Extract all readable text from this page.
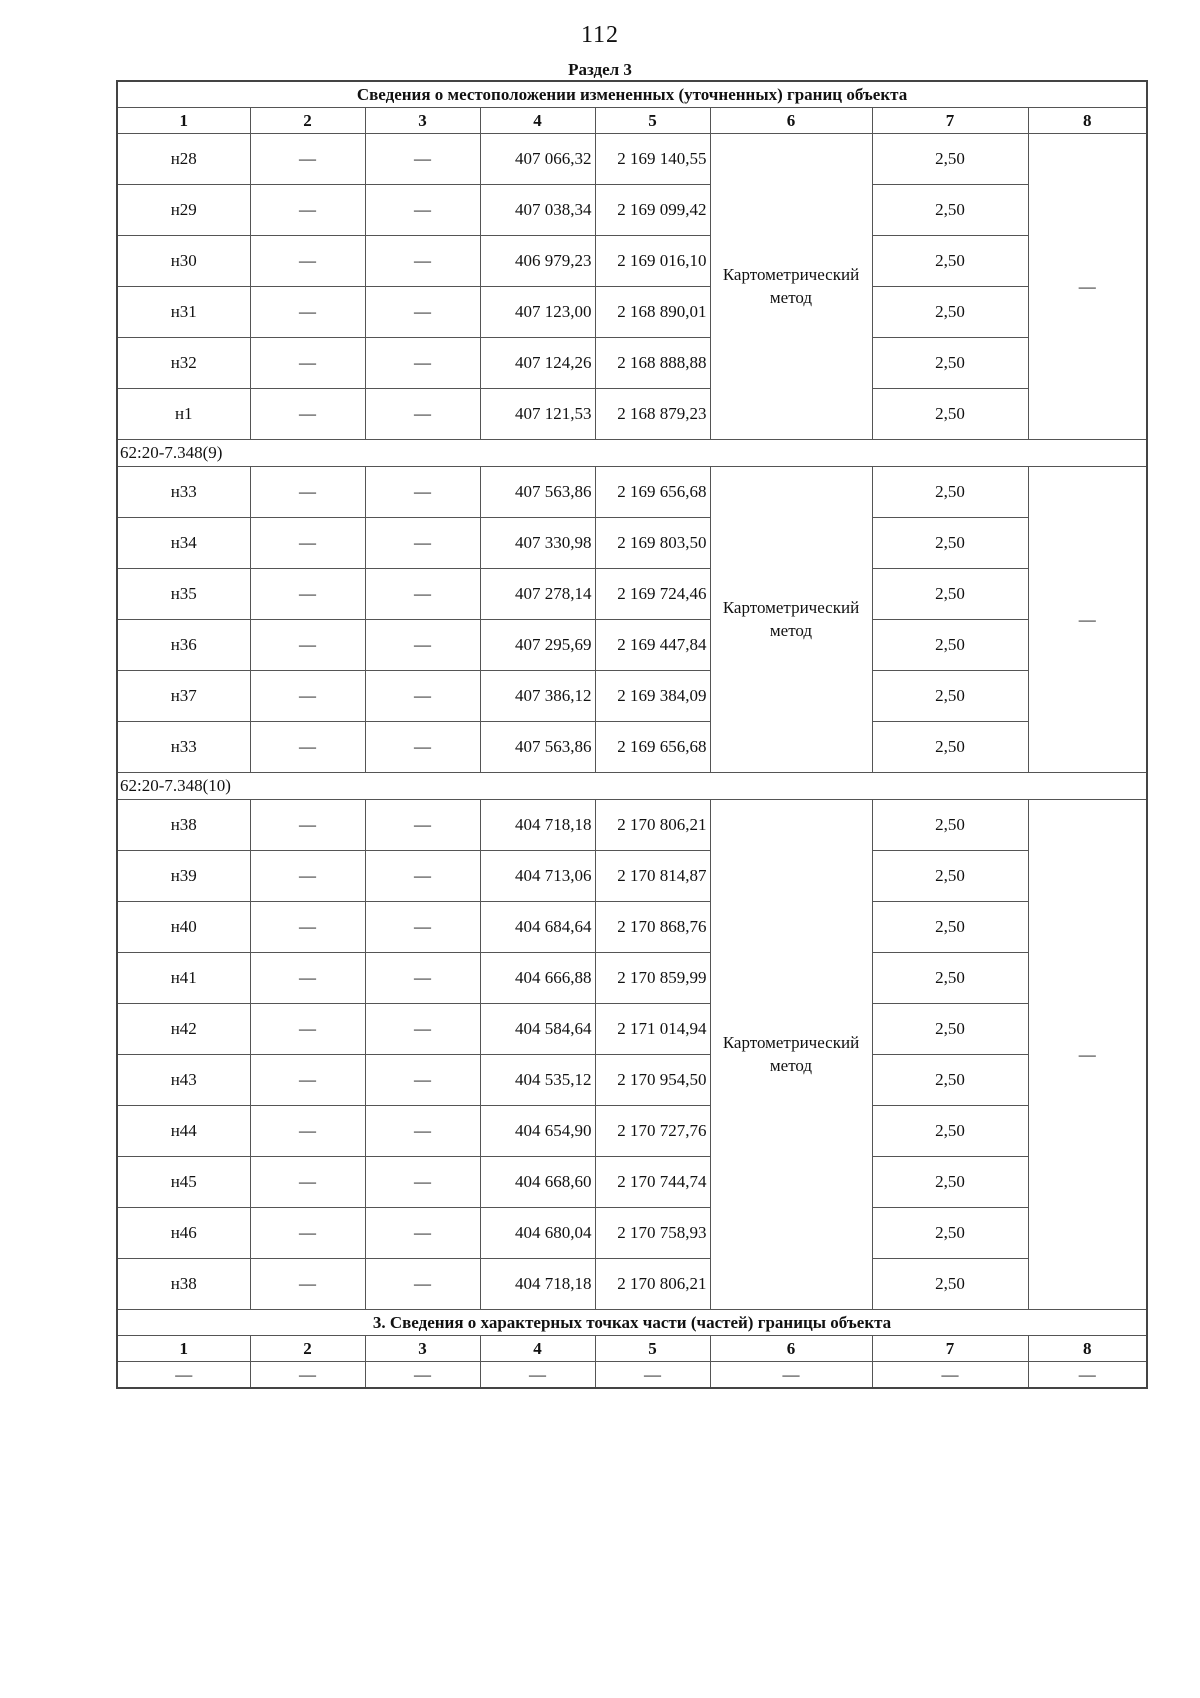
112
Раздел 3
Сведения о местоположении измененных (уточненных) границ объекта							
1	2	3	4	5	6	7	8
н28	—	—	407 066,32	2 169 140,55	Картометрический метод	2,50	—
н29	—	—	407 038,34	2 169 099,42		2,50	
н30	—	—	406 979,23	2 169 016,10		2,50	
н31	—	—	407 123,00	2 168 890,01		2,50	
н32	—	—	407 124,26	2 168 888,88		2,50	
н1	—	—	407 121,53	2 168 879,23		2,50	
62:20-7.348(9)							
н33	—	—	407 563,86	2 169 656,68	Картометрический метод	2,50	—
н34	—	—	407 330,98	2 169 803,50		2,50	
н35	—	—	407 278,14	2 169 724,46		2,50	
н36	—	—	407 295,69	2 169 447,84		2,50	
н37	—	—	407 386,12	2 169 384,09		2,50	
н33	—	—	407 563,86	2 169 656,68		2,50	
62:20-7.348(10)							
н38	—	—	404 718,18	2 170 806,21	Картометрический метод	2,50	—
н39	—	—	404 713,06	2 170 814,87		2,50	
н40	—	—	404 684,64	2 170 868,76		2,50	
н41	—	—	404 666,88	2 170 859,99		2,50	
н42	—	—	404 584,64	2 171 014,94		2,50	
н43	—	—	404 535,12	2 170 954,50		2,50	
н44	—	—	404 654,90	2 170 727,76		2,50	
н45	—	—	404 668,60	2 170 744,74		2,50	
н46	—	—	404 680,04	2 170 758,93		2,50	
н38	—	—	404 718,18	2 170 806,21		2,50	
3. Сведения о характерных точках части (частей) границы объекта							
1	2	3	4	5	6	7	8
—	—	—	—	—	—	—	—
